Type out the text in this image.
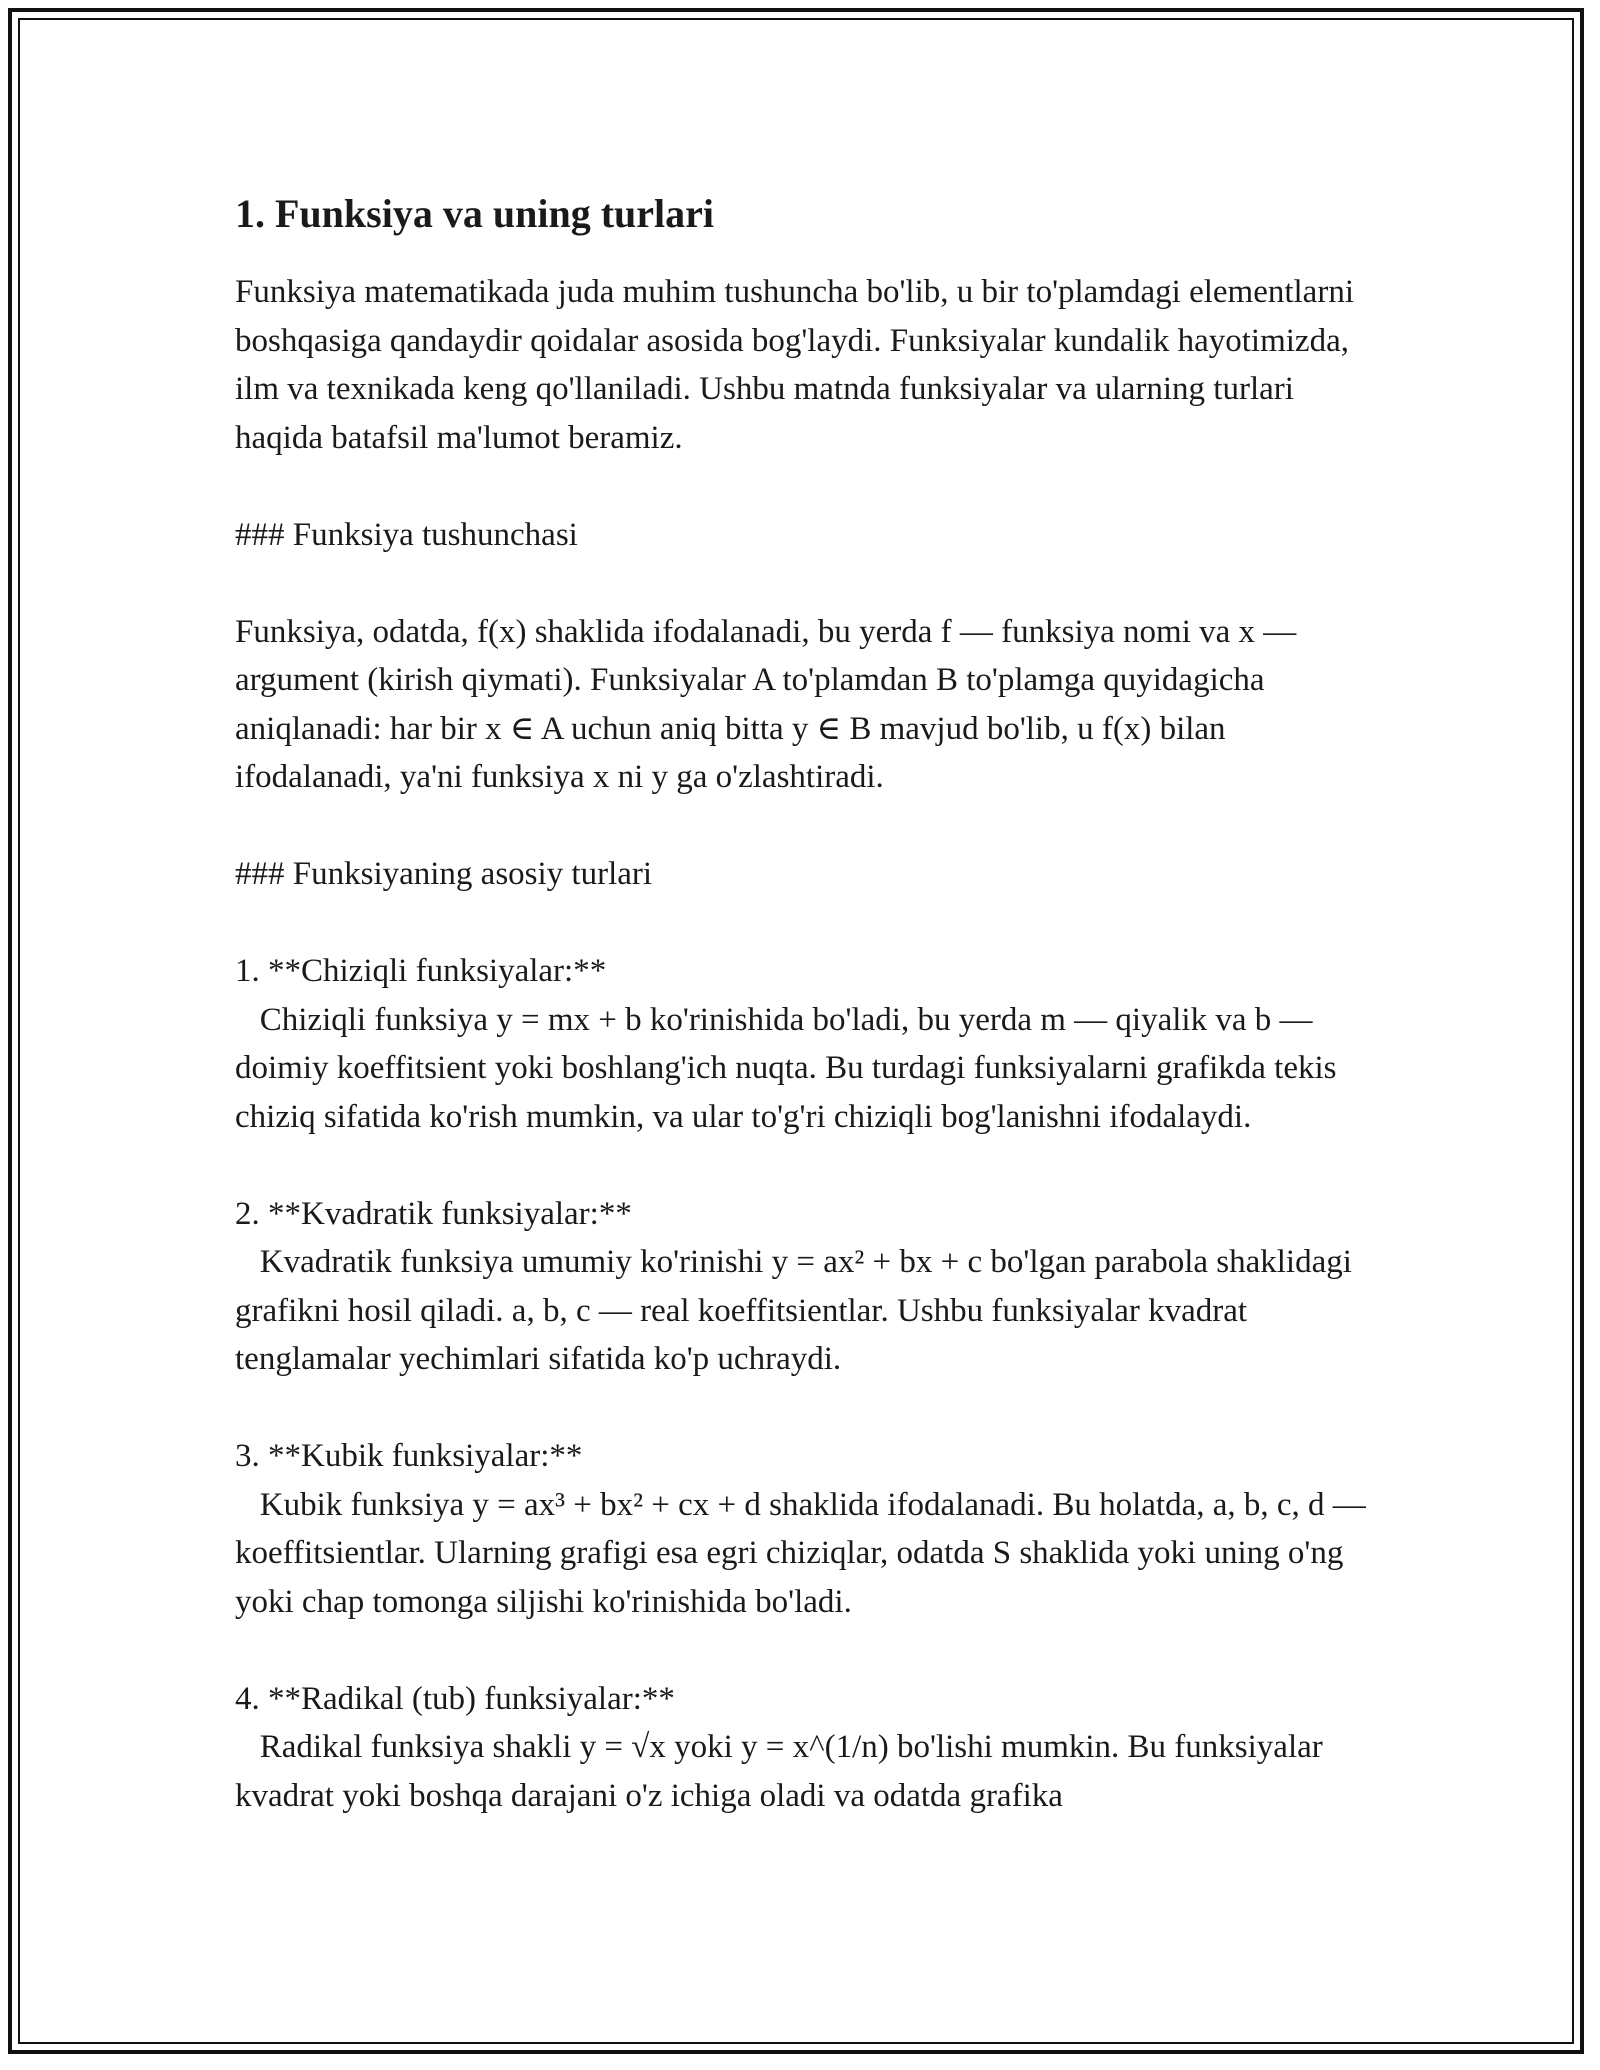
1. Funksiya va uning turlari

Funksiya matematikada juda muhim tushuncha bo'lib, u bir to'plamdagi elementlarni boshqasiga qandaydir qoidalar asosida bog'laydi. Funksiyalar kundalik hayotimizda, ilm va texnikada keng qo'llaniladi. Ushbu matnda funksiyalar va ularning turlari haqida batafsil ma'lumot beramiz.

### Funksiya tushunchasi

Funksiya, odatda, f(x) shaklida ifodalanadi, bu yerda f — funksiya nomi va x — argument (kirish qiymati). Funksiyalar A to'plamdan B to'plamga quyidagicha aniqlanadi: har bir x ∈ A uchun aniq bitta y ∈ B mavjud bo'lib, u f(x) bilan ifodalanadi, ya'ni funksiya x ni y ga o'zlashtiradi.

### Funksiyaning asosiy turlari

1. **Chiziqli funksiyalar:**

Chiziqli funksiya y = mx + b ko'rinishida bo'ladi, bu yerda m — qiyalik va b — doimiy koeffitsient yoki boshlang'ich nuqta. Bu turdagi funksiyalarni grafikda tekis chiziq sifatida ko'rish mumkin, va ular to'g'ri chiziqli bog'lanishni ifodalaydi.

2. **Kvadratik funksiyalar:**

Kvadratik funksiya umumiy ko'rinishi y = ax² + bx + c bo'lgan parabola shaklidagi grafikni hosil qiladi. a, b, c — real koeffitsientlar. Ushbu funksiyalar kvadrat tenglamalar yechimlari sifatida ko'p uchraydi.

3. **Kubik funksiyalar:**

Kubik funksiya y = ax³ + bx² + cx + d shaklida ifodalanadi. Bu holatda, a, b, c, d — koeffitsientlar. Ularning grafigi esa egri chiziqlar, odatda S shaklida yoki uning o'ng yoki chap tomonga siljishi ko'rinishida bo'ladi.

4. **Radikal (tub) funksiyalar:**

Radikal funksiya shakli y = √x yoki y = x^(1/n) bo'lishi mumkin. Bu funksiyalar kvadrat yoki boshqa darajani o'z ichiga oladi va odatda grafika
